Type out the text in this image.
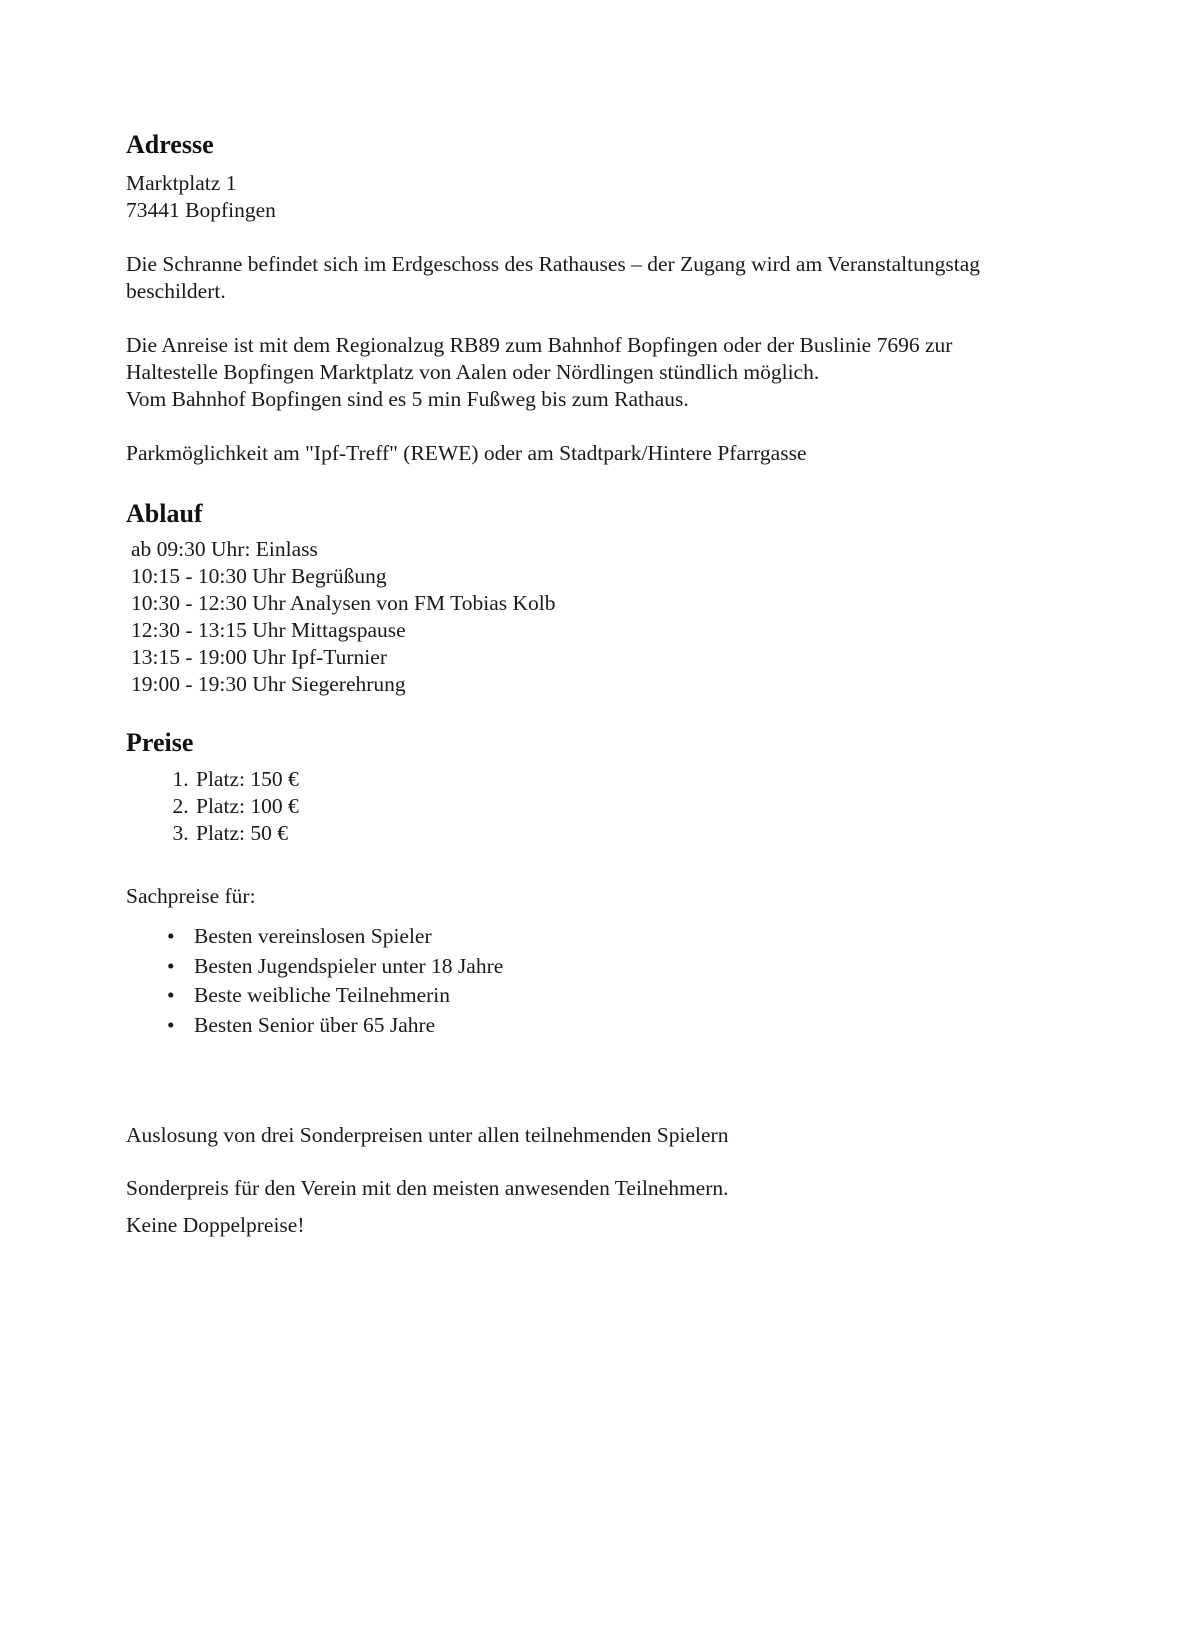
Adresse

Marktplatz 1

73441 Bopfingen

Die Schranne befindet sich im Erdgeschoss des Rathauses – der Zugang wird am Veranstaltungstag

beschildert.

Die Anreise ist mit dem Regionalzug RB89 zum Bahnhof Bopfingen oder der Buslinie 7696 zur

Haltestelle Bopfingen Marktplatz von Aalen oder Nördlingen stündlich möglich.

Vom Bahnhof Bopfingen sind es 5 min Fußweg bis zum Rathaus.

Parkmöglichkeit am "Ipf-Treff" (REWE) oder am Stadtpark/Hintere Pfarrgasse

Ablauf

ab 09:30 Uhr: Einlass

10:15 - 10:30 Uhr Begrüßung

10:30 - 12:30 Uhr Analysen von FM Tobias Kolb

12:30 - 13:15 Uhr Mittagspause

13:15 - 19:00 Uhr Ipf-Turnier

19:00 - 19:30 Uhr Siegerehrung

Preise
1. Platz: 150 €
2. Platz: 100 €
3. Platz: 50 €

Sachpreise für:

• Besten vereinslosen Spieler
• Besten Jugendspieler unter 18 Jahre
• Beste weibliche Teilnehmerin
• Besten Senior über 65 Jahre

Auslosung von drei Sonderpreisen unter allen teilnehmenden Spielern

Sonderpreis für den Verein mit den meisten anwesenden Teilnehmern.

Keine Doppelpreise!
